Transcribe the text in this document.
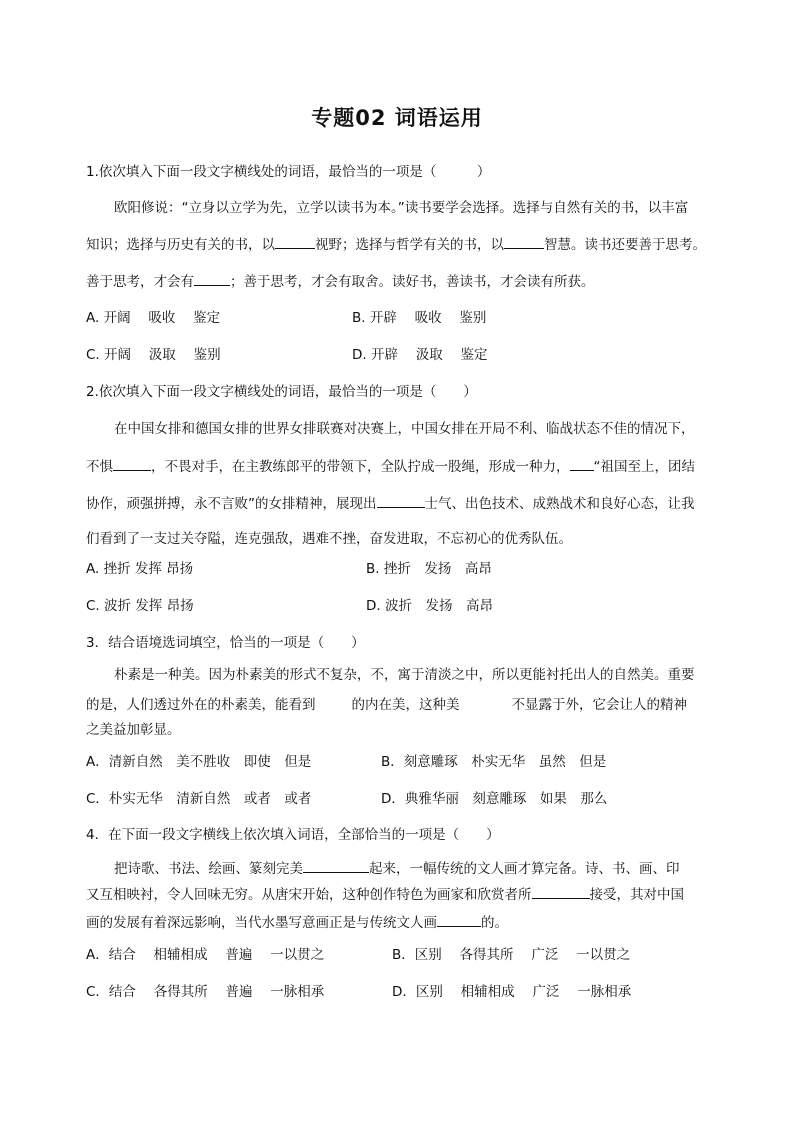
专题02 词语运用
1.依次填入下面一段文字横线处的词语，最恰当的一项是（　　　）
欧阳修说：“立身以立学为先，立学以读书为本。”读书要学会选择。选择与自然有关的书，以丰富
知识；选择与历史有关的书，以	视野；选择与哲学有关的书，以	智慧。读书还要善于思考。
善于思考，才会有	；善于思考，才会有取舍。读好书，善读书，才会读有所获。
A. 开阔　 吸收　 鉴定	B. 开辟　 吸收　 鉴别
C. 开阔　 汲取　 鉴别	D. 开辟　 汲取　 鉴定
2.依次填入下面一段文字横线处的词语，最恰当的一项是（　　）
在中国女排和德国女排的世界女排联赛对决赛上，中国女排在开局不利、临战状态不佳的情况下，
不惧	，不畏对手，在主教练郎平的带领下，全队拧成一股绳，形成一种力， “祖国至上，团结
协作，顽强拼搏，永不言败”的女排精神，展现出	士气、出色技术、成熟战术和良好心态，让我
们看到了一支过关夺隘，连克强敌，遇难不挫，奋发进取，不忘初心的优秀队伍。
A. 挫折 发挥 昂扬	B. 挫折　发扬　高昂
C. 波折 发挥 昂扬	D. 波折　发扬　高昂
3．结合语境选词填空，恰当的一项是（　　）
朴素是一种美。因为朴素美的形式不复杂，不，寓于清淡之中，所以更能衬托出人的自然美。重要
的是，人们透过外在的朴素美，能看到	的内在美，这种美	不显露于外，它会让人的精神
之美益加彰显。
A．清新自然　美不胜收　即使　但是	B．刻意雕琢　朴实无华　虽然　但是
C．朴实无华　清新自然　或者　或者	D．典雅华丽　刻意雕琢　如果　那么
4．在下面一段文字横线上依次填入词语，全部恰当的一项是（　　）
把诗歌、书法、绘画、篆刻完美	起来，一幅传统的文人画才算完备。诗、书、画、印
又互相映衬，令人回味无穷。从唐宋开始，这种创作特色为画家和欣赏者所	接受，其对中国
画的发展有着深远影响，当代水墨写意画正是与传统文人画	的。
A．结合　 相辅相成　 普遍　 一以贯之	B．区别　 各得其所　 广泛　 一以贯之
C．结合　 各得其所　 普遍　 一脉相承	D．区别　 相辅相成　 广泛　 一脉相承
